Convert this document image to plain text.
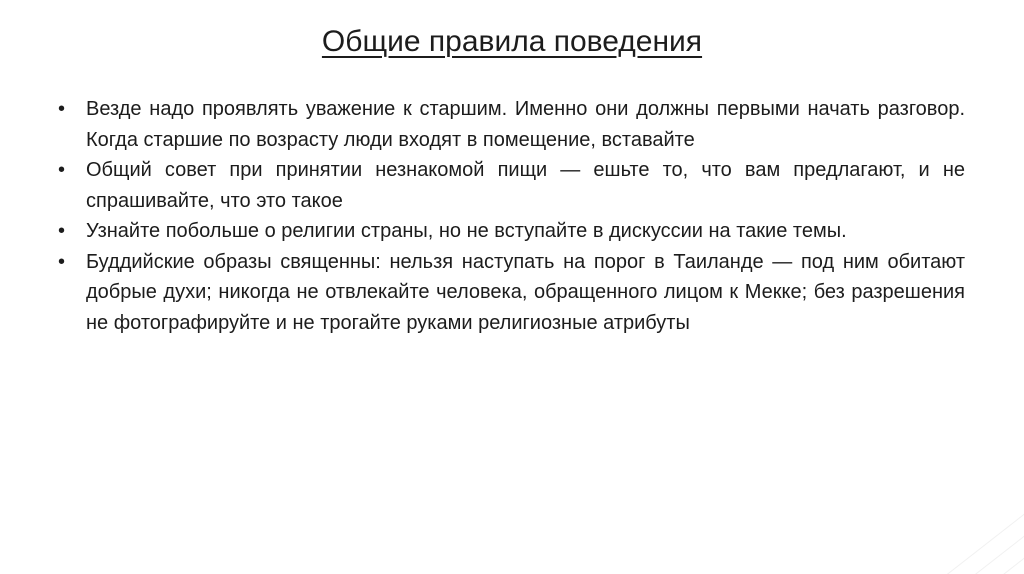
Общие правила поведения
• Везде надо проявлять уважение к старшим. Именно они должны первыми начать разговор. Когда старшие по возрасту люди входят в помещение, вставайте
• Общий совет при принятии незнакомой пищи — ешьте то, что вам предлагают, и не спрашивайте, что это такое
• Узнайте побольше о религии страны, но не вступайте в дискуссии на такие темы.
• Буддийские образы священны: нельзя наступать на порог в Таиланде — под ним обитают добрые духи; никогда не отвлекайте человека, обращенного лицом к Мекке; без разрешения не фотографируйте и не трогайте руками религиозные атрибуты
